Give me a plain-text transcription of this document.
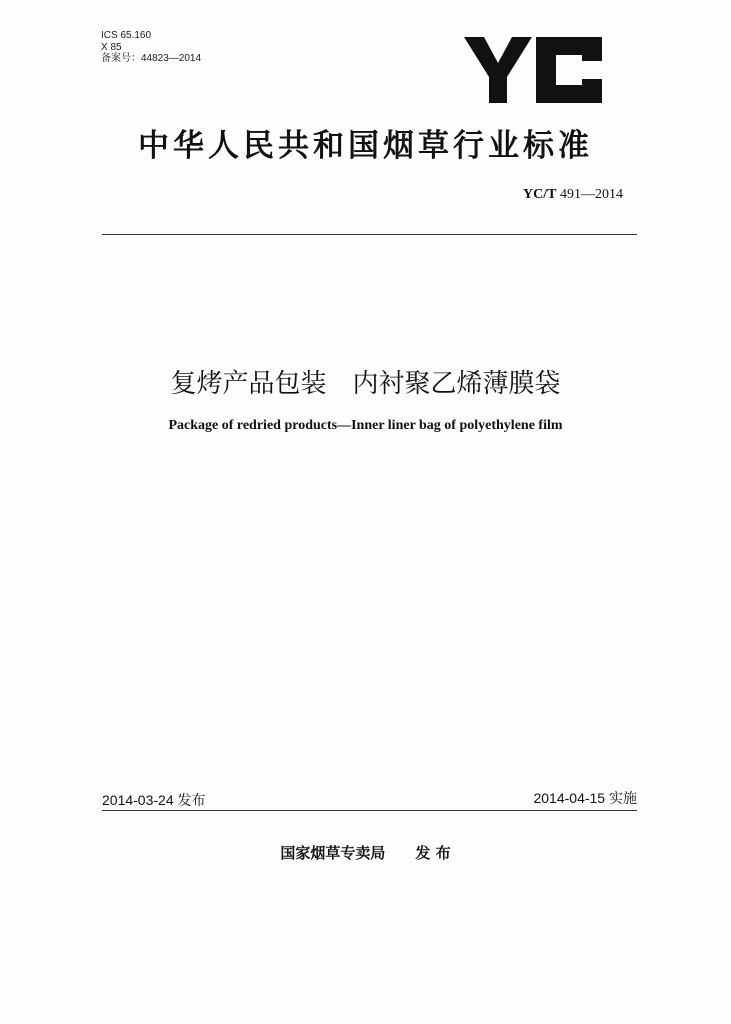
ICS 65.160
X 85
备案号：44823—2014
中华人民共和国烟草行业标准
YC/T 491—2014
复烤产品包装 内衬聚乙烯薄膜袋
Package of redried products—Inner liner bag of polyethylene film
2014-03-24 发布	2014-04-15 实施
国家烟草专卖局 发 布
